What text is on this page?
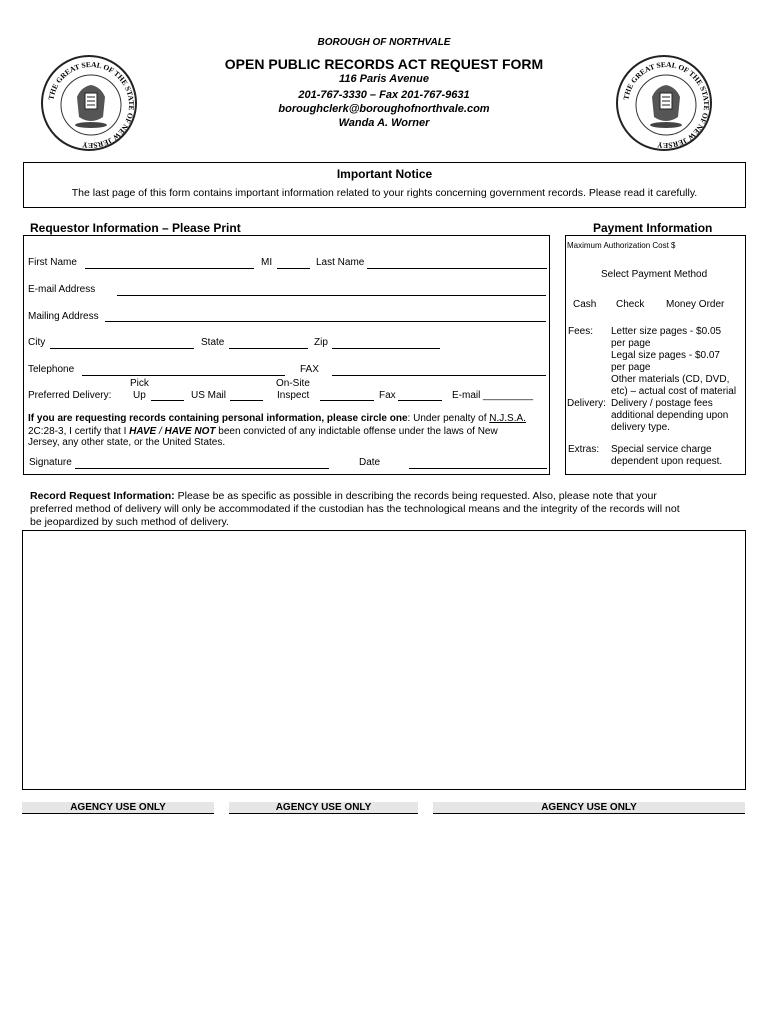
THE GREAT SEAL OF THE STATE OF NEW JERSEY
THE GREAT SEAL OF THE STATE OF NEW JERSEY
BOROUGH OF NORTHVALE
OPEN PUBLIC RECORDS ACT REQUEST FORM
116 Paris Avenue
201-767-3330 – Fax 201-767-9631
boroughclerk@boroughofnorthvale.com
Wanda A. Worner
Important Notice
The last page of this form contains important information related to your rights concerning government records. Please read it carefully.
Requestor Information – Please Print	Payment Information
First Name	MI	Last Name
E-mail Address
Mailing Address
City	State	Zip
Telephone	FAX
Pick	On-Site
Preferred Delivery: Up	US Mail	Inspect	Fax	E-mail _________
If you are requesting records containing personal information, please circle one: Under penalty of N.J.S.A.
2C:28-3, I certify that I HAVE / HAVE NOT been convicted of any indictable offense under the laws of New
Jersey, any other state, or the United States.
Signature	Date
Maximum Authorization Cost $
Select Payment Method
Cash Check Money Order
Fees: Letter size pages - $0.05
per page
Legal size pages - $0.07
per page
Other materials (CD, DVD,
etc) – actual cost of material
Delivery: Delivery / postage fees
additional depending upon
delivery type.
Extras: Special service charge
dependent upon request.
Record Request Information: Please be as specific as possible in describing the records being requested. Also, please note that your
preferred method of delivery will only be accommodated if the custodian has the technological means and the integrity of the records will not
be jeopardized by such method of delivery.
AGENCY USE ONLY	AGENCY USE ONLY	AGENCY USE ONLY
